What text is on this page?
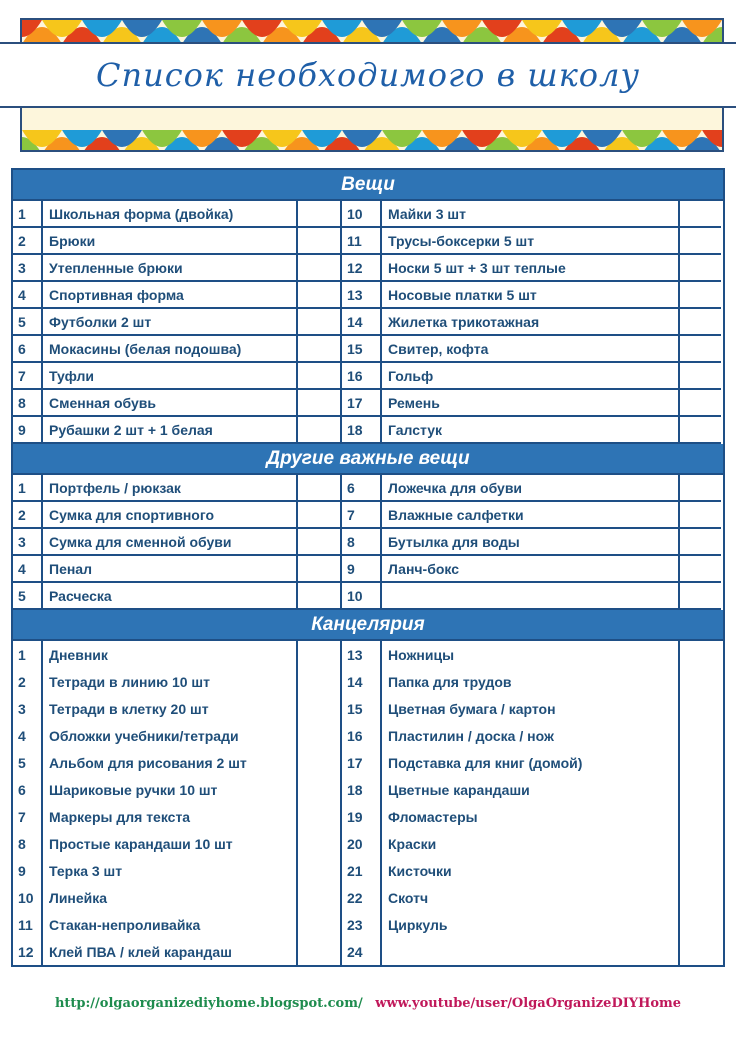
Список необходимого в школу
Вещи
1	Школьная форма (двойка)	10	Майки 3 шт
2	Брюки	11	Трусы-боксерки 5 шт
3	Утепленные брюки	12	Носки 5 шт + 3 шт теплые
4	Спортивная форма	13	Носовые платки 5 шт
5	Футболки 2 шт	14	Жилетка трикотажная
6	Мокасины (белая подошва)	15	Свитер, кофта
7	Туфли	16	Гольф
8	Сменная обувь	17	Ремень
9	Рубашки 2 шт + 1 белая	18	Галстук
Другие важные вещи
1	Портфель / рюкзак	6	Ложечка для обуви
2	Сумка для спортивного	7	Влажные салфетки
3	Сумка для сменной обуви	8	Бутылка для воды
4	Пенал	9	Ланч-бокс
5	Расческа	10
Канцелярия
1	Дневник	13	Ножницы
2	Тетради в линию 10 шт	14	Папка для трудов
3	Тетради в клетку 20 шт	15	Цветная бумага / картон
4	Обложки учебники/тетради	16	Пластилин / доска / нож
5	Альбом для рисования 2 шт	17	Подставка для книг (домой)
6	Шариковые ручки 10 шт	18	Цветные карандаши
7	Маркеры для текста	19	Фломастеры
8	Простые карандаши 10 шт	20	Краски
9	Терка 3 шт	21	Кисточки
10	Линейка	22	Скотч
11	Стакан-непроливайка	23	Циркуль
12	Клей ПВА / клей карандаш	24
http://olgaorganizediyhome.blogspot.com/ www.youtube/user/OlgaOrganizeDIYHome
